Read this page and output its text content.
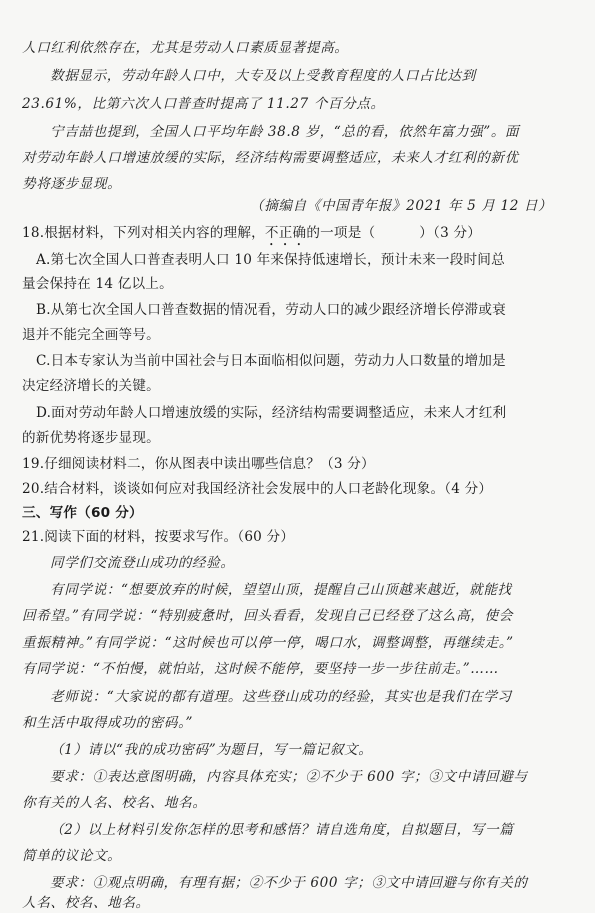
人口红利依然存在，尤其是劳动人口素质显著提高。
数据显示，劳动年龄人口中，大专及以上受教育程度的人口占比达到
23.61%，比第六次人口普查时提高了 11.27 个百分点。
宁吉喆也提到，全国人口平均年龄 38.8 岁，“总的看，依然年富力强”。面
对劳动年龄人口增速放缓的实际，经济结构需要调整适应，未来人才红利的新优
势将逐步显现。
（摘编自《中国青年报》2021 年 5 月 12 日）
18.根据材料，下列对相关内容的理解，不正确的一项是（	）（3 分）
A.第七次全国人口普查表明人口 10 年来保持低速增长，预计未来一段时间总
量会保持在 14 亿以上。
B.从第七次全国人口普查数据的情况看，劳动人口的减少跟经济增长停滞或衰
退并不能完全画等号。
C.日本专家认为当前中国社会与日本面临相似问题，劳动力人口数量的增加是
决定经济增长的关键。
D.面对劳动年龄人口增速放缓的实际，经济结构需要调整适应，未来人才红利
的新优势将逐步显现。
19.仔细阅读材料二，你从图表中读出哪些信息？（3 分）
20.结合材料，谈谈如何应对我国经济社会发展中的人口老龄化现象。（4 分）
三、写作（60 分）
21.阅读下面的材料，按要求写作。（60 分）
同学们交流登山成功的经验。
有同学说：“想要放弃的时候，望望山顶，提醒自己山顶越来越近，就能找
回希望。”有同学说：“特别疲惫时，回头看看，发现自己已经登了这么高，使会
重振精神。”有同学说：“这时候也可以停一停，喝口水，调整调整，再继续走。”
有同学说：“不怕慢，就怕站，这时候不能停，要坚持一步一步往前走。”……
老师说：“大家说的都有道理。这些登山成功的经验，其实也是我们在学习
和生活中取得成功的密码。”
（1）请以“我的成功密码”为题目，写一篇记叙文。
要求：①表达意图明确，内容具体充实；②不少于 600 字；③文中请回避与
你有关的人名、校名、地名。
（2）以上材料引发你怎样的思考和感悟？请自选角度，自拟题目，写一篇
简单的议论文。
要求：①观点明确，有理有据；②不少于 600 字；③文中请回避与你有关的
人名、校名、地名。
